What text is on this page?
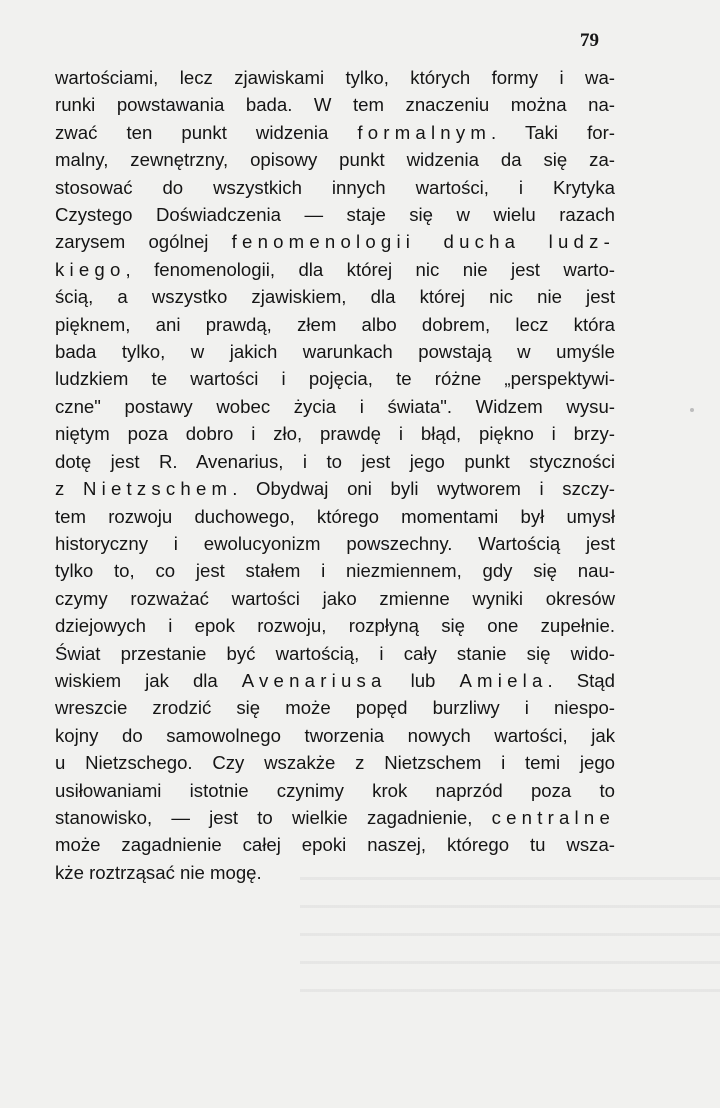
79
wartościami, lecz zjawiskami tylko, których formy i wa-
runki powstawania bada. W tem znaczeniu można na-
zwać ten punkt widzenia formalnym. Taki for-
malny, zewnętrzny, opisowy punkt widzenia da się za-
stosować do wszystkich innych wartości, i Krytyka
Czystego Doświadczenia — staje się w wielu razach
zarysem ogólnej fenomenologii ducha ludz-
kiego, fenomenologii, dla której nic nie jest warto-
ścią, a wszystko zjawiskiem, dla której nic nie jest
pięknem, ani prawdą, złem albo dobrem, lecz która
bada tylko, w jakich warunkach powstają w umyśle
ludzkiem te wartości i pojęcia, te różne „perspektywi-
czne" postawy wobec życia i świata". Widzem wysu-
niętym poza dobro i zło, prawdę i błąd, piękno i brzy-
dotę jest R. Avenarius, i to jest jego punkt styczności
z Nietzschem. Obydwaj oni byli wytworem i szczy-
tem rozwoju duchowego, którego momentami był umysł
historyczny i ewolucyonizm powszechny. Wartością jest
tylko to, co jest stałem i niezmiennem, gdy się nau-
czymy rozważać wartości jako zmienne wyniki okresów
dziejowych i epok rozwoju, rozpłyną się one zupełnie.
Świat przestanie być wartością, i cały stanie się wido-
wiskiem jak dla Avenariusa lub Amiela. Stąd
wreszcie zrodzić się może popęd burzliwy i niespo-
kojny do samowolnego tworzenia nowych wartości, jak
u Nietzschego. Czy wszakże z Nietzschem i temi jego
usiłowaniami istotnie czynimy krok naprzód poza to
stanowisko, — jest to wielkie zagadnienie, centralne
może zagadnienie całej epoki naszej, którego tu wsza-
kże roztrząsać nie mogę.
